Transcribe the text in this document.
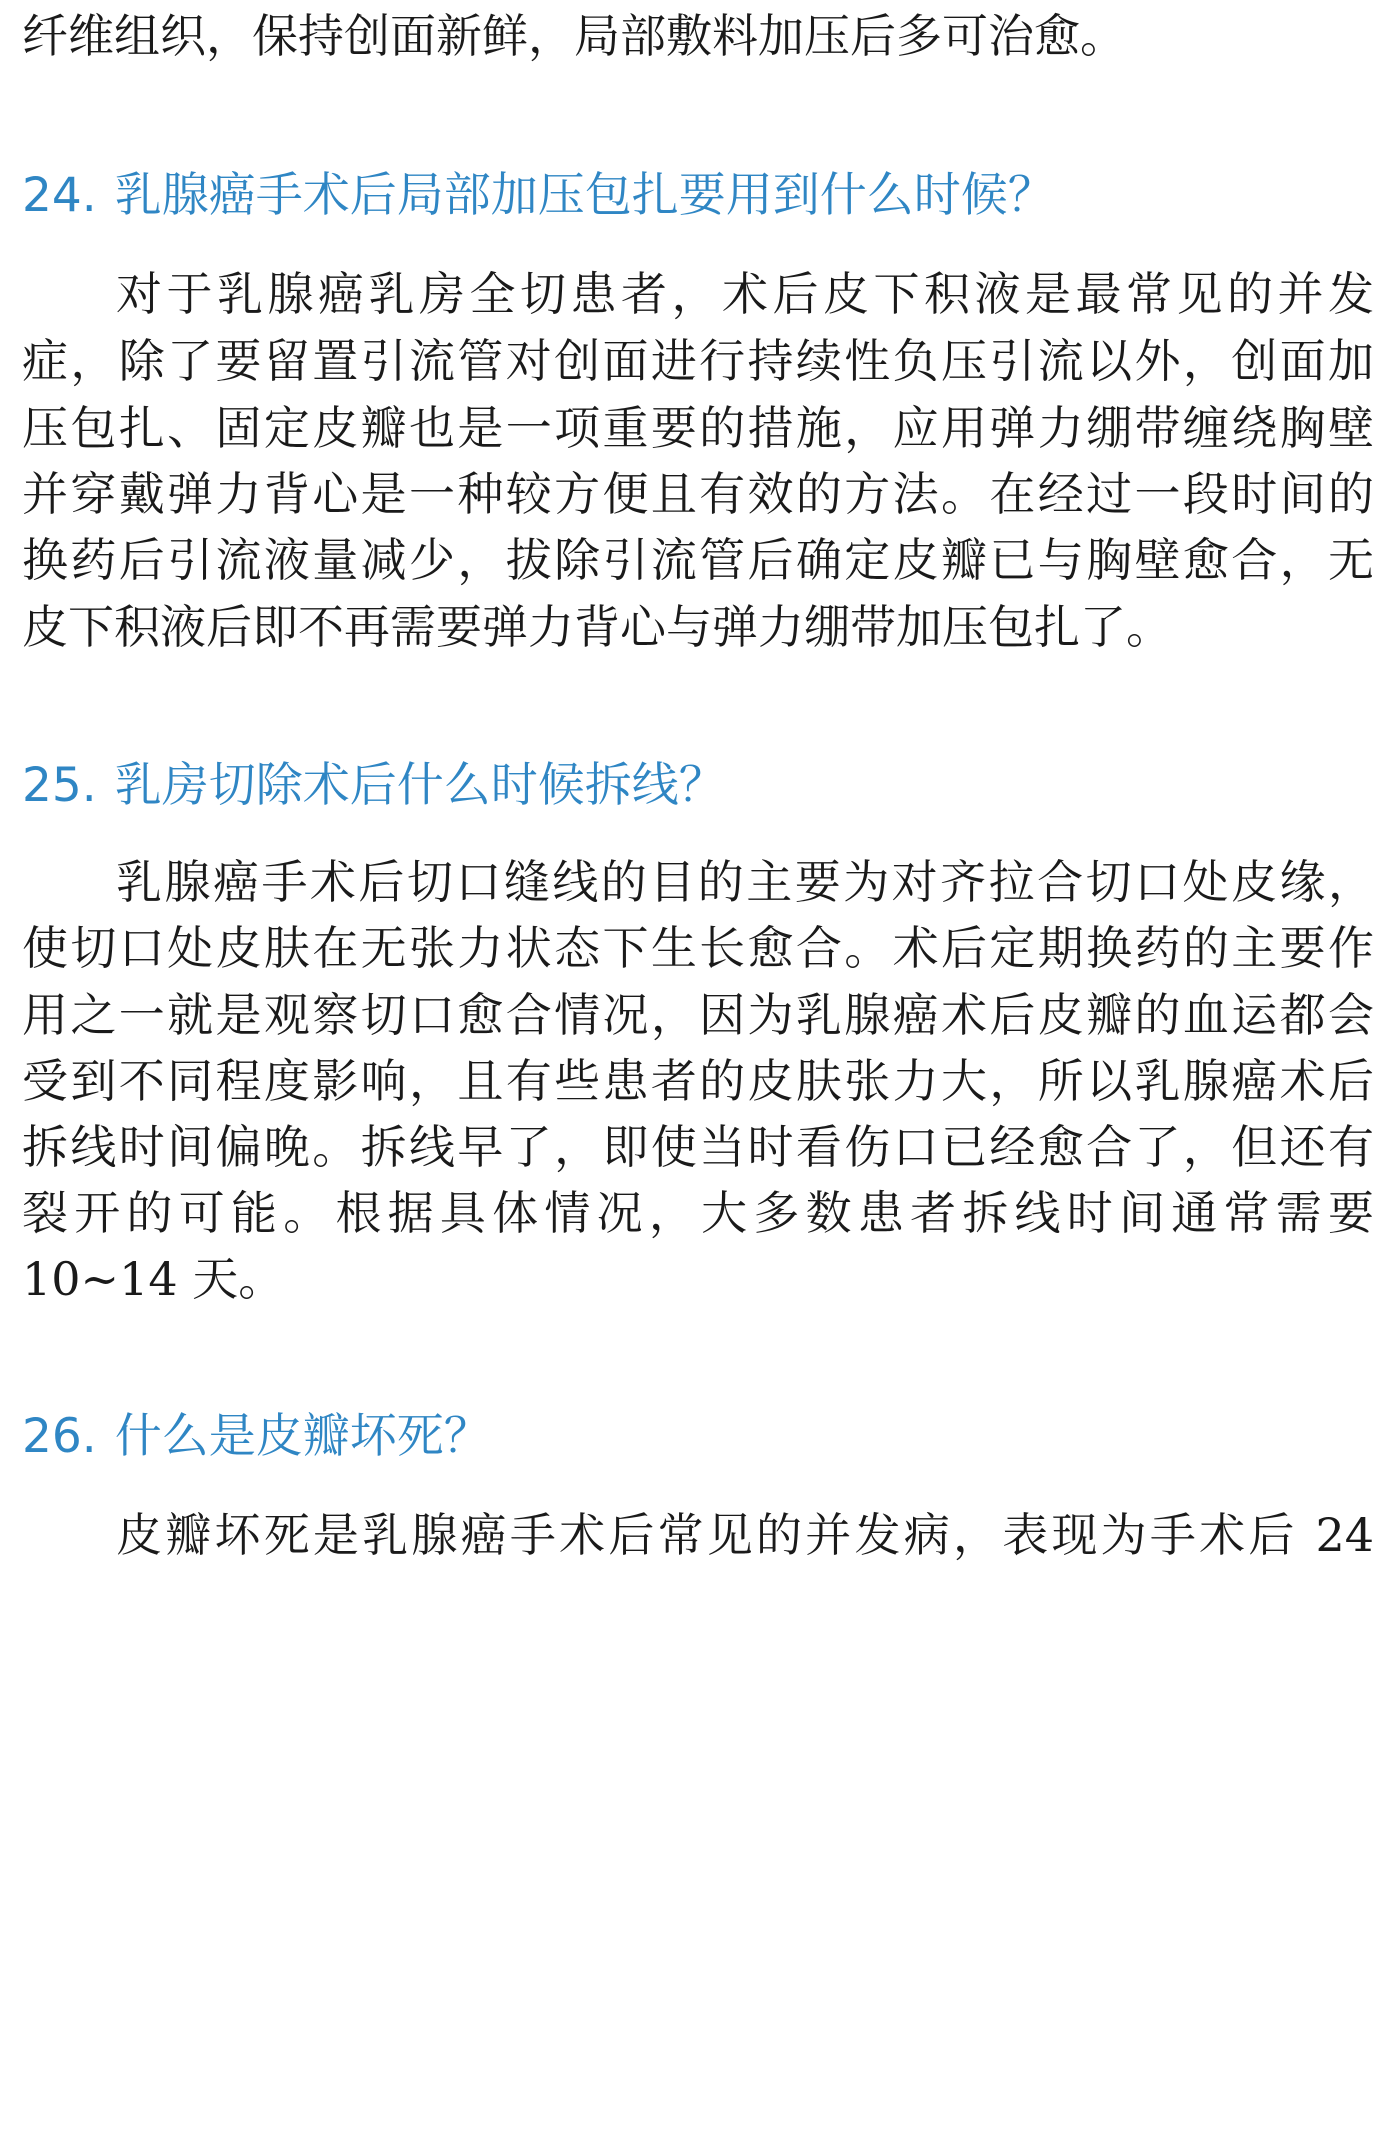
纤维组织，保持创面新鲜，局部敷料加压后多可治愈。
24. 乳腺癌手术后局部加压包扎要用到什么时候？
对于乳腺癌乳房全切患者，术后皮下积液是最常见的并发
症，除了要留置引流管对创面进行持续性负压引流以外，创面加
压包扎、固定皮瓣也是一项重要的措施，应用弹力绷带缠绕胸壁
并穿戴弹力背心是一种较方便且有效的方法。在经过一段时间的
换药后引流液量减少，拔除引流管后确定皮瓣已与胸壁愈合，无
皮下积液后即不再需要弹力背心与弹力绷带加压包扎了。
25. 乳房切除术后什么时候拆线？
乳腺癌手术后切口缝线的目的主要为对齐拉合切口处皮缘，
使切口处皮肤在无张力状态下生长愈合。术后定期换药的主要作
用之一就是观察切口愈合情况，因为乳腺癌术后皮瓣的血运都会
受到不同程度影响，且有些患者的皮肤张力大，所以乳腺癌术后
拆线时间偏晚。拆线早了，即使当时看伤口已经愈合了，但还有
裂开的可能。根据具体情况，大多数患者拆线时间通常需要
10~14 天。
26. 什么是皮瓣坏死？
皮瓣坏死是乳腺癌手术后常见的并发病，表现为手术后 24
